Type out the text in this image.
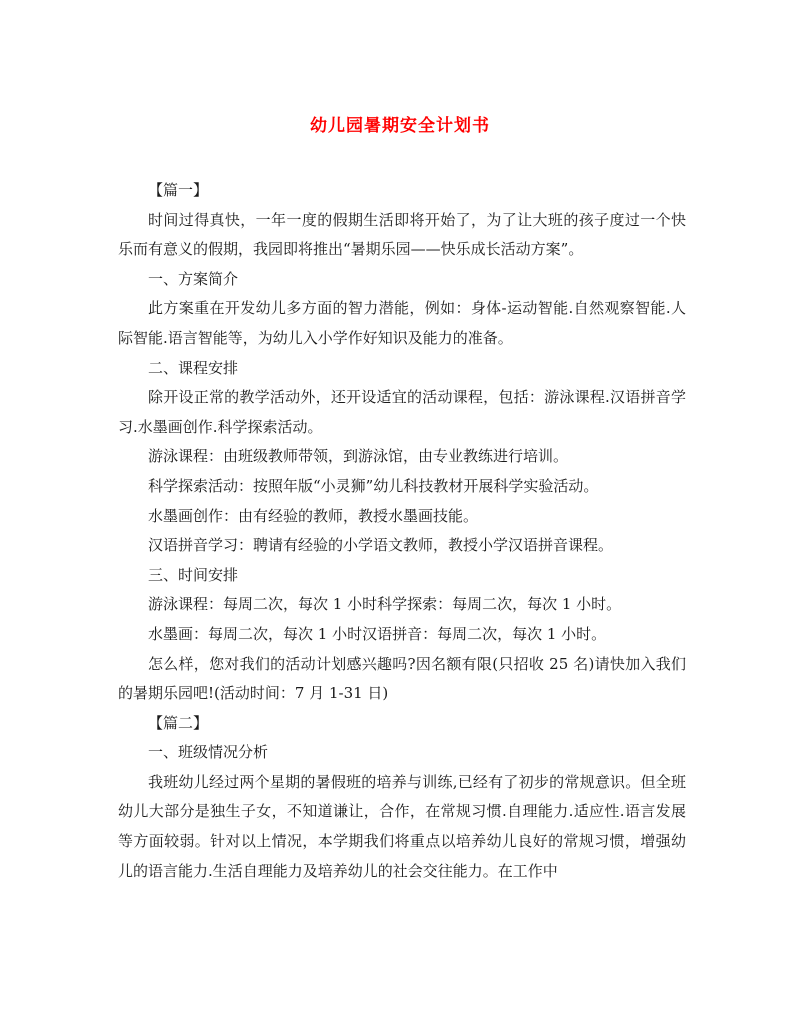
幼儿园暑期安全计划书

【篇一】

时间过得真快，一年一度的假期生活即将开始了，为了让大班的孩子度过一个快乐而有意义的假期，我园即将推出“暑期乐园——快乐成长活动方案”。

一、方案简介

此方案重在开发幼儿多方面的智力潜能，例如：身体-运动智能.自然观察智能.人际智能.语言智能等，为幼儿入小学作好知识及能力的准备。

二、课程安排

除开设正常的教学活动外，还开设适宜的活动课程，包括：游泳课程.汉语拼音学习.水墨画创作.科学探索活动。

游泳课程：由班级教师带领，到游泳馆，由专业教练进行培训。

科学探索活动：按照年版“小灵狮”幼儿科技教材开展科学实验活动。

水墨画创作：由有经验的教师，教授水墨画技能。

汉语拼音学习：聘请有经验的小学语文教师，教授小学汉语拼音课程。

三、时间安排

游泳课程：每周二次，每次 1 小时科学探索：每周二次，每次 1 小时。

水墨画：每周二次，每次 1 小时汉语拼音：每周二次，每次 1 小时。

怎么样，您对我们的活动计划感兴趣吗?因名额有限(只招收 25 名)请快加入我们的暑期乐园吧!(活动时间：7 月 1-31 日)

【篇二】

一、班级情况分析

我班幼儿经过两个星期的暑假班的培养与训练,已经有了初步的常规意识。但全班幼儿大部分是独生子女，不知道谦让，合作，在常规习惯.自理能力.适应性.语言发展等方面较弱。针对以上情况，本学期我们将重点以培养幼儿良好的常规习惯，增强幼儿的语言能力.生活自理能力及培养幼儿的社会交往能力。在工作中
